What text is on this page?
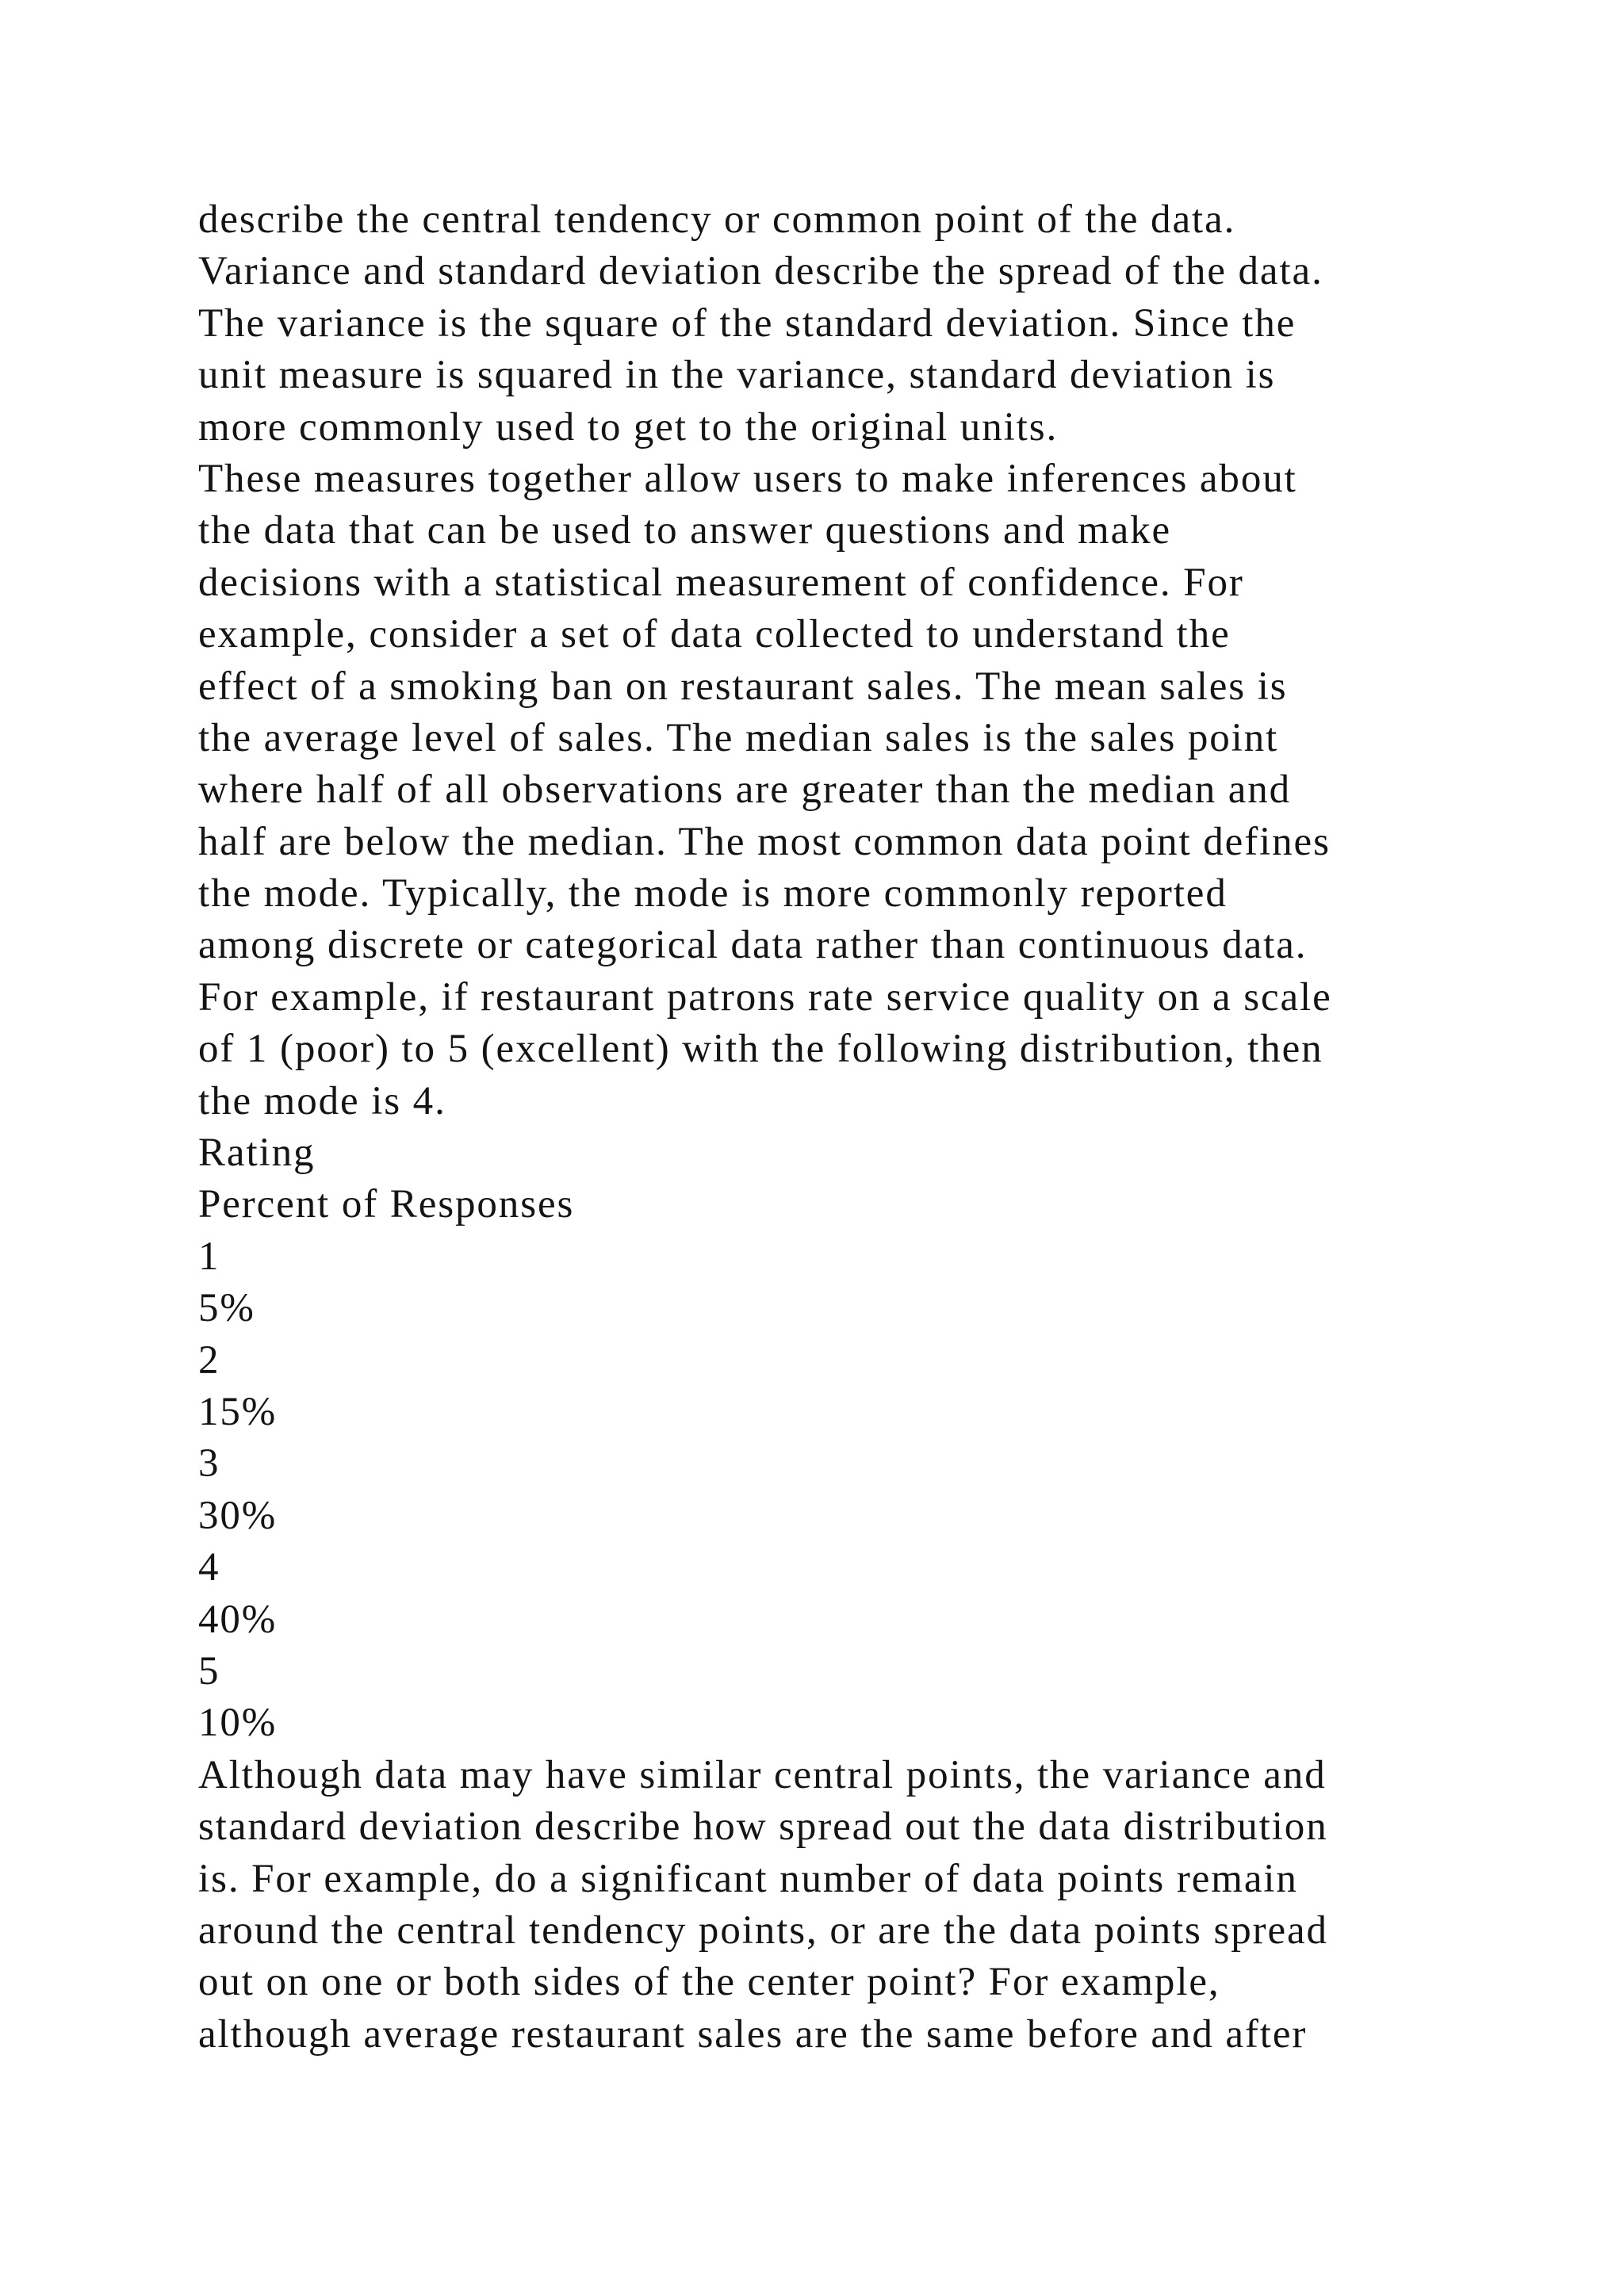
describe the central tendency or common point of the data.
Variance and standard deviation describe the spread of the data.
The variance is the square of the standard deviation. Since the
unit measure is squared in the variance, standard deviation is
more commonly used to get to the original units.
These measures together allow users to make inferences about
the data that can be used to answer questions and make
decisions with a statistical measurement of confidence. For
example, consider a set of data collected to understand the
effect of a smoking ban on restaurant sales. The mean sales is
the average level of sales. The median sales is the sales point
where half of all observations are greater than the median and
half are below the median. The most common data point defines
the mode. Typically, the mode is more commonly reported
among discrete or categorical data rather than continuous data.
For example, if restaurant patrons rate service quality on a scale
of 1 (poor) to 5 (excellent) with the following distribution, then
the mode is 4.
Rating
Percent of Responses
1
5%
2
15%
3
30%
4
40%
5
10%
Although data may have similar central points, the variance and
standard deviation describe how spread out the data distribution
is. For example, do a significant number of data points remain
around the central tendency points, or are the data points spread
out on one or both sides of the center point? For example,
although average restaurant sales are the same before and after
